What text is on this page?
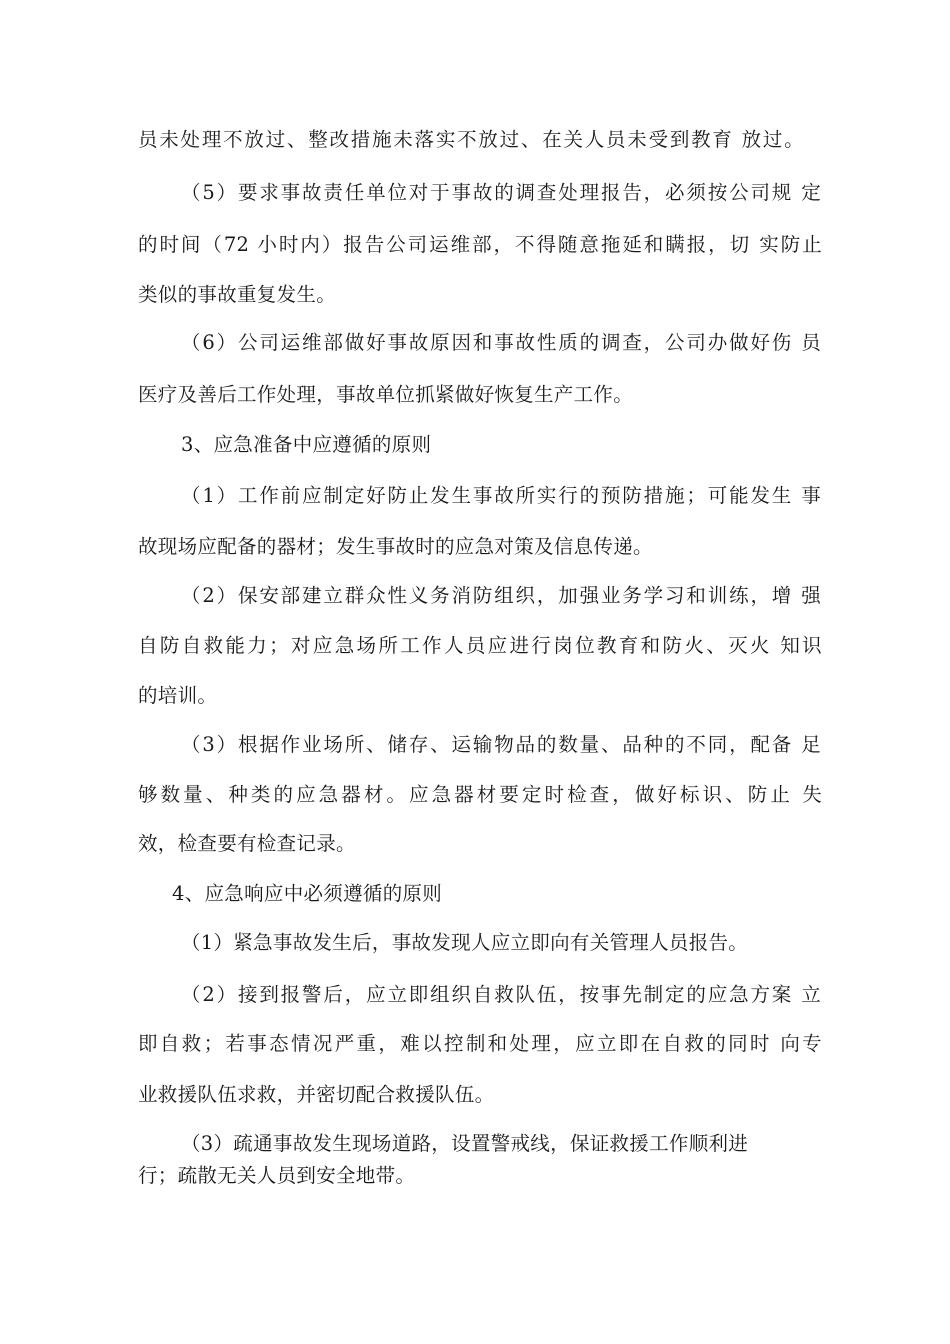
员未处理不放过、整改措施未落实不放过、在关人员未受到教育 放过。
（5）要求事故责任单位对于事故的调查处理报告，必须按公司规 定
的时间（72 小时内）报告公司运维部，不得随意拖延和瞒报，切 实防止
类似的事故重复发生。
（6）公司运维部做好事故原因和事故性质的调查，公司办做好伤 员
医疗及善后工作处理，事故单位抓紧做好恢复生产工作。
3、应急准备中应遵循的原则
（1）工作前应制定好防止发生事故所实行的预防措施；可能发生 事
故现场应配备的器材；发生事故时的应急对策及信息传递。
（2）保安部建立群众性义务消防组织，加强业务学习和训练，增 强
自防自救能力；对应急场所工作人员应进行岗位教育和防火、灭火 知识
的培训。
（3）根据作业场所、储存、运输物品的数量、品种的不同，配备 足
够数量、种类的应急器材。应急器材要定时检查，做好标识、防止 失
效，检查要有检查记录。
4、应急响应中必须遵循的原则
（1）紧急事故发生后，事故发现人应立即向有关管理人员报告。
（2）接到报警后，应立即组织自救队伍，按事先制定的应急方案 立
即自救；若事态情况严重，难以控制和处理，应立即在自救的同时 向专
业救援队伍求救，并密切配合救援队伍。
（3）疏通事故发生现场道路，设置警戒线，保证救援工作顺利进
行；疏散无关人员到安全地带。
